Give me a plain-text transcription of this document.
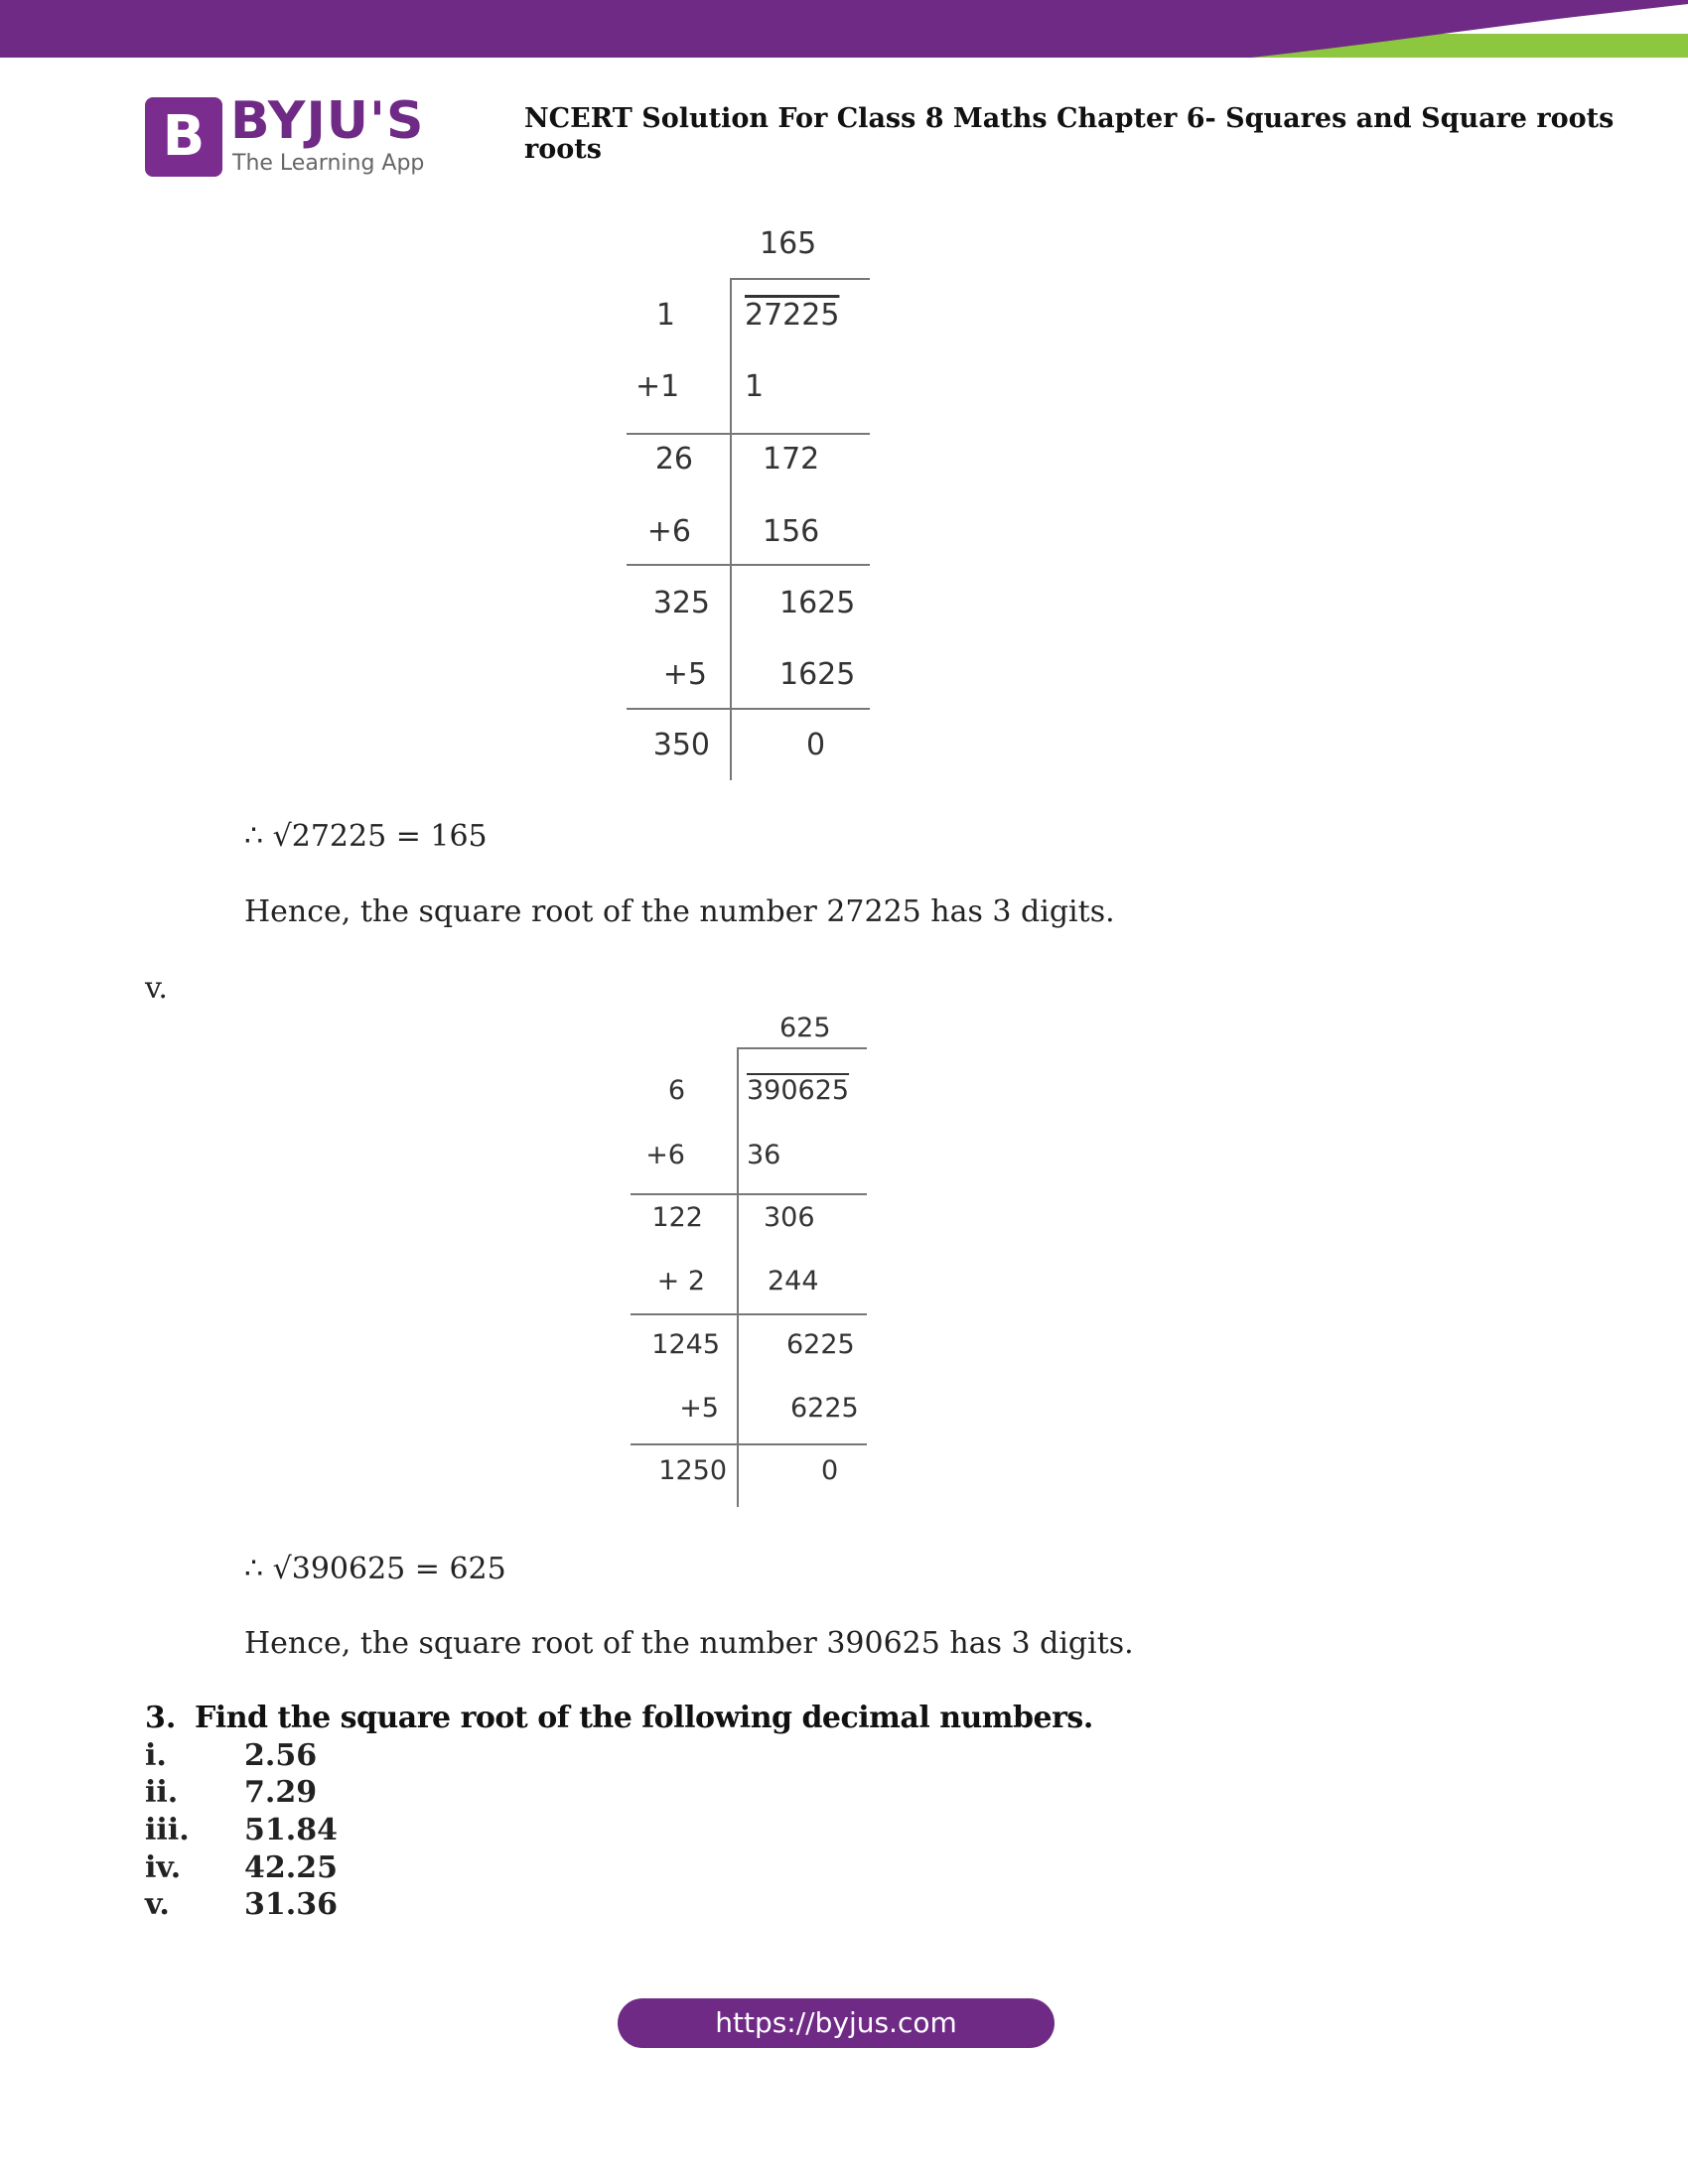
B BYJU'S
The Learning App
NCERT Solution For Class 8 Maths Chapter 6- Squares and Square roots roots
165
1 27225
+1 1
26 172
+6 156
325 1625
+5 1625
350	0
∴ √27225 = 165
Hence, the square root of the number 27225 has 3 digits.
v.
625
6 390625
+6 36
122 306
+ 2 244
1245 6225
+5	6225
1250	0
∴ √390625 = 625
Hence, the square root of the number 390625 has 3 digits.
3. Find the square root of the following decimal numbers.
i.	2.56
ii. 7.29
iii. 51.84
iv. 42.25
v.	31.36
https://byjus.com
